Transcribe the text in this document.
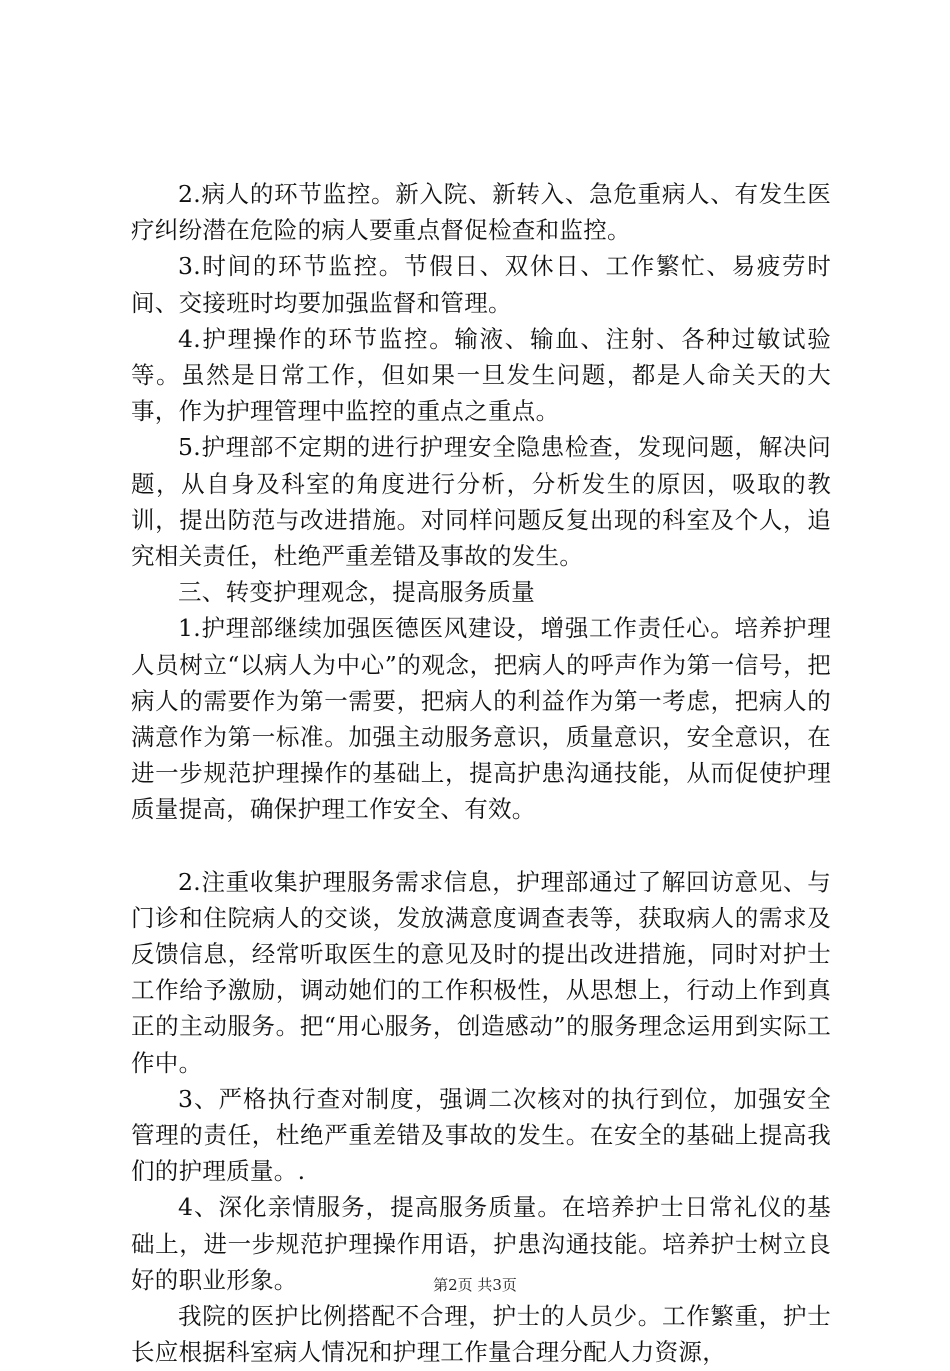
2.病人的环节监控。新入院、新转入、急危重病人、有发生医疗纠纷潜在危险的病人要重点督促检查和监控。

3.时间的环节监控。节假日、双休日、工作繁忙、易疲劳时间、交接班时均要加强监督和管理。

4.护理操作的环节监控。输液、输血、注射、各种过敏试验等。虽然是日常工作，但如果一旦发生问题，都是人命关天的大事，作为护理管理中监控的重点之重点。

5.护理部不定期的进行护理安全隐患检查，发现问题，解决问题，从自身及科室的角度进行分析，分析发生的原因，吸取的教训，提出防范与改进措施。对同样问题反复出现的科室及个人，追究相关责任，杜绝严重差错及事故的发生。

三、转变护理观念，提高服务质量

1.护理部继续加强医德医风建设，增强工作责任心。培养护理人员树立“以病人为中心”的观念，把病人的呼声作为第一信号，把病人的需要作为第一需要，把病人的利益作为第一考虑，把病人的满意作为第一标准。加强主动服务意识，质量意识，安全意识，在进一步规范护理操作的基础上，提高护患沟通技能，从而促使护理质量提高，确保护理工作安全、有效。

2.注重收集护理服务需求信息，护理部通过了解回访意见、与门诊和住院病人的交谈，发放满意度调查表等，获取病人的需求及反馈信息，经常听取医生的意见及时的提出改进措施，同时对护士工作给予激励，调动她们的工作积极性，从思想上，行动上作到真正的主动服务。把“用心服务，创造感动”的服务理念运用到实际工作中。

3、严格执行查对制度，强调二次核对的执行到位，加强安全管理的责任，杜绝严重差错及事故的发生。在安全的基础上提高我们的护理质量。.

4、深化亲情服务，提高服务质量。在培养护士日常礼仪的基础上，进一步规范护理操作用语，护患沟通技能。培养护士树立良好的职业形象。

我院的医护比例搭配不合理，护士的人员少。工作繁重，护士长应根据科室病人情况和护理工作量合理分配人力资源，

第2页 共3页
